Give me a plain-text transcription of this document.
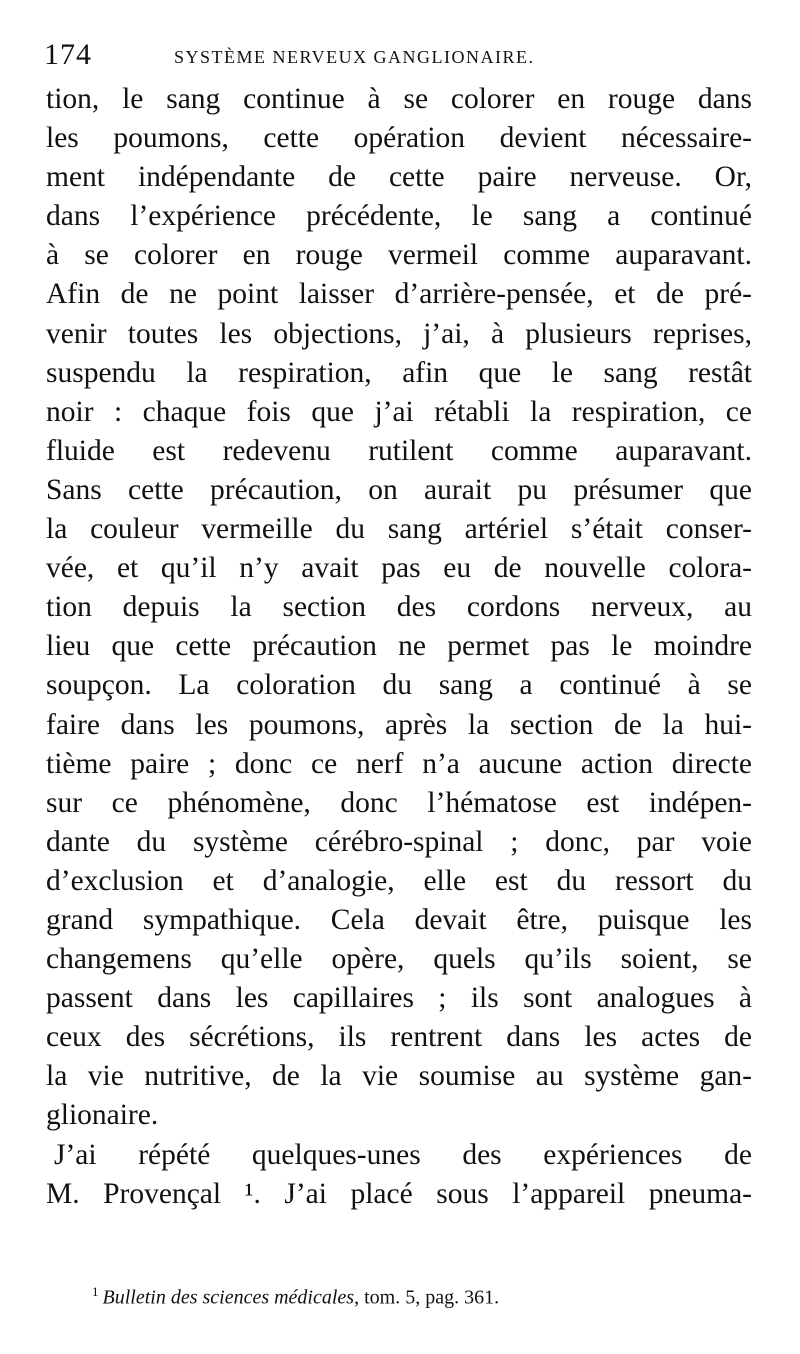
174	SYSTÈME NERVEUX GANGLIONAIRE.
tion, le sang continue à se colorer en rouge dans
les poumons, cette opération devient nécessaire-
ment indépendante de cette paire nerveuse. Or,
dans l’expérience précédente, le sang a continué
à se colorer en rouge vermeil comme auparavant.
Afin de ne point laisser d’arrière-pensée, et de pré-
venir toutes les objections, j’ai, à plusieurs reprises,
suspendu la respiration, afin que le sang restât
noir : chaque fois que j’ai rétabli la respiration, ce
fluide est redevenu rutilent comme auparavant.
Sans cette précaution, on aurait pu présumer que
la couleur vermeille du sang artériel s’était conser-
vée, et qu’il n’y avait pas eu de nouvelle colora-
tion depuis la section des cordons nerveux, au
lieu que cette précaution ne permet pas le moindre
soupçon. La coloration du sang a continué à se
faire dans les poumons, après la section de la hui-
tième paire ; donc ce nerf n’a aucune action directe
sur ce phénomène, donc l’hématose est indépen-
dante du système cérébro-spinal ; donc, par voie
d’exclusion et d’analogie, elle est du ressort du
grand sympathique. Cela devait être, puisque les
changemens qu’elle opère, quels qu’ils soient, se
passent dans les capillaires ; ils sont analogues à
ceux des sécrétions, ils rentrent dans les actes de
la vie nutritive, de la vie soumise au système gan-
glionaire.
J’ai répété quelques-unes des expériences de
M. Provençal ¹. J’ai placé sous l’appareil pneuma-
$^1$ Bulletin des sciences médicales, tom. 5, pag. 361.
